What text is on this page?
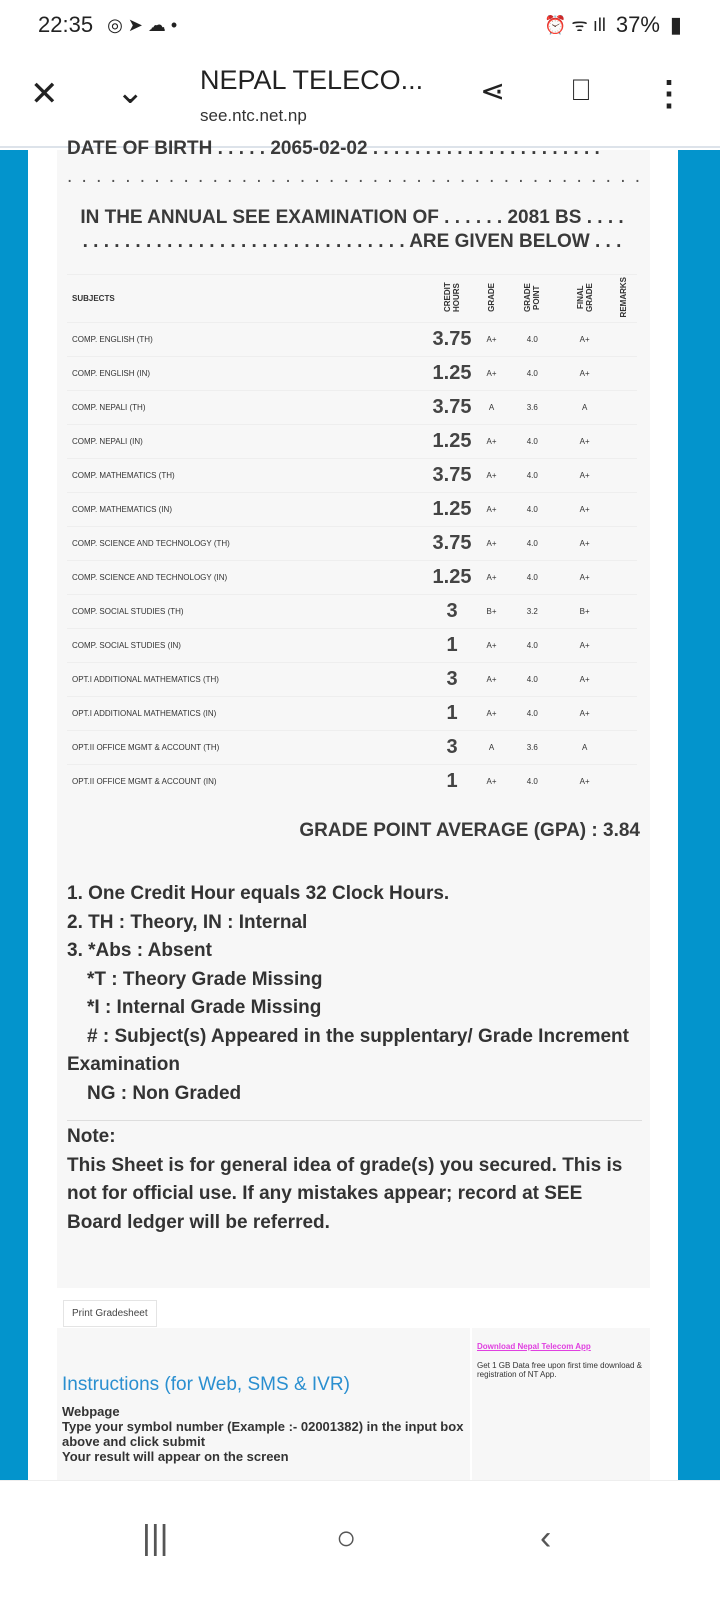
22:35 ◎ ➤ ☁ •	⏰ ᯤ ıll 37% ▮
✕ ⌄ NEPAL TELECO...
see.ntc.net.np
⋖ ⎕ ⋮
DATE OF BIRTH . . . . . 2065-02-02 . . . . . . . . . . . . . . . . . . . . . .
. . . . . . . . . . . . . . . . . . . . . . . . . . . . . . . . . . . . . . . .
IN THE ANNUAL SEE EXAMINATION OF . . . . . . 2081 BS . . . .
. . . . . . . . . . . . . . . . . . . . . . . . . . . . . . . ARE GIVEN BELOW . . .
SUBJECTS	CREDIT HOURS	GRADE	GRADE POINT	FINAL GRADE	REMARKS
COMP. ENGLISH (TH)	3.75	A+	4.0	A+	
COMP. ENGLISH (IN)	1.25	A+	4.0	A+	
COMP. NEPALI (TH)	3.75	A	3.6	A	
COMP. NEPALI (IN)	1.25	A+	4.0	A+	
COMP. MATHEMATICS (TH)	3.75	A+	4.0	A+	
COMP. MATHEMATICS (IN)	1.25	A+	4.0	A+	
COMP. SCIENCE AND TECHNOLOGY (TH)	3.75	A+	4.0	A+	
COMP. SCIENCE AND TECHNOLOGY (IN)	1.25	A+	4.0	A+	
COMP. SOCIAL STUDIES (TH)	3	B+	3.2	B+	
COMP. SOCIAL STUDIES (IN)	1	A+	4.0	A+	
OPT.I ADDITIONAL MATHEMATICS (TH)	3	A+	4.0	A+	
OPT.I ADDITIONAL MATHEMATICS (IN)	1	A+	4.0	A+	
OPT.II OFFICE MGMT & ACCOUNT (TH)	3	A	3.6	A	
OPT.II OFFICE MGMT & ACCOUNT (IN)	1	A+	4.0	A+	
GRADE POINT AVERAGE (GPA) : 3.84
1. One Credit Hour equals 32 Clock Hours.
2. TH : Theory, IN : Internal
3. *Abs : Absent
*T : Theory Grade Missing
*I : Internal Grade Missing
# : Subject(s) Appeared in the supplentary/ Grade Increment
Examination
NG : Non Graded
Note:
This Sheet is for general idea of grade(s) you secured. This is not for official use. If any mistakes appear; record at SEE Board ledger will be referred.
Print Gradesheet
Instructions (for Web, SMS & IVR)

Webpage
Type your symbol number (Example :- 02001382) in the input box above and click submit
Your result will appear on the screen

Download Nepal Telecom App
Get 1 GB Data free upon first time download & registration of NT App.
|||	○	‹
